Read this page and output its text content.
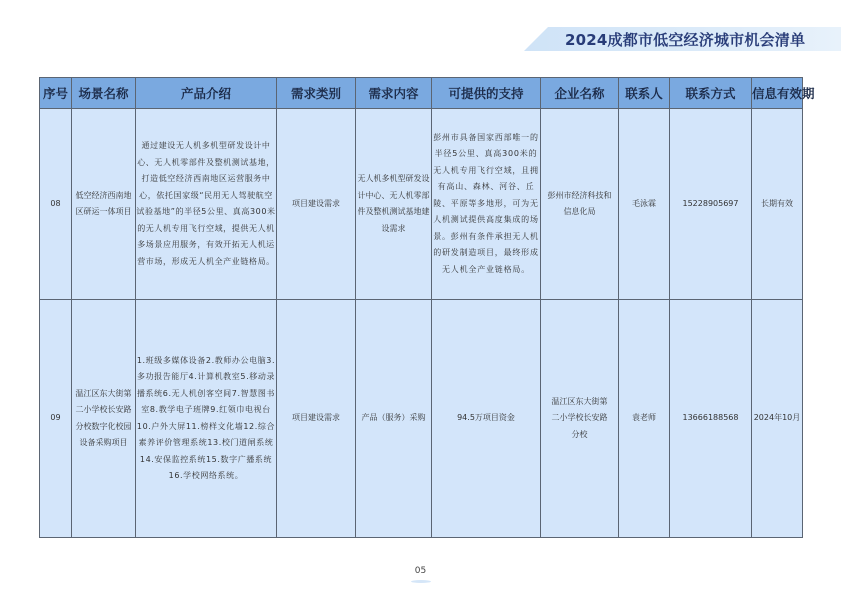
2024成都市低空经济城市机会清单
序号	场景名称	产品介绍	需求类别	需求内容	可提供的支持	企业名称	联系人	联系方式	信息有效期
08	低空经济西南地区研运一体项目	通过建设无人机多机型研发设计中心、无人机零部件及整机测试基地，打造低空经济西南地区运营服务中心，依托国家级“民用无人驾驶航空试验基地”的半径5公里、真高300米的无人机专用飞行空域，提供无人机多场景应用服务，有效开拓无人机运营市场，形成无人机全产业链格局。	项目建设需求	无人机多机型研发设计中心、无人机零部件及整机测试基地建设需求	彭州市具备国家西部唯一的半径5公里、真高300米的无人机专用飞行空域，且拥有高山、森林、河谷、丘陵、平原等多地形，可为无人机测试提供高度集成的场景。彭州有条件承担无人机的研发制造项目，最终形成无人机全产业链格局。	彭州市经济科技和信息化局	毛泳霖	15228905697	长期有效
09	温江区东大街第二小学校长安路分校数字化校园设备采购项目	1.班级多媒体设备2.教师办公电脑3.多功报告能厅4.计算机教室5.移动录播系统6.无人机创客空间7.智慧图书室8.教学电子班牌9.红领巾电视台10.户外大屏11.榜样文化墙12.综合素养评价管理系统13.校门道闸系统14.安保监控系统15.数字广播系统16.学校网络系统。	项目建设需求	产品（服务）采购	94.5万项目资金	温江区东大街第二小学校长安路分校	袁老师	13666188568	2024年10月
05
